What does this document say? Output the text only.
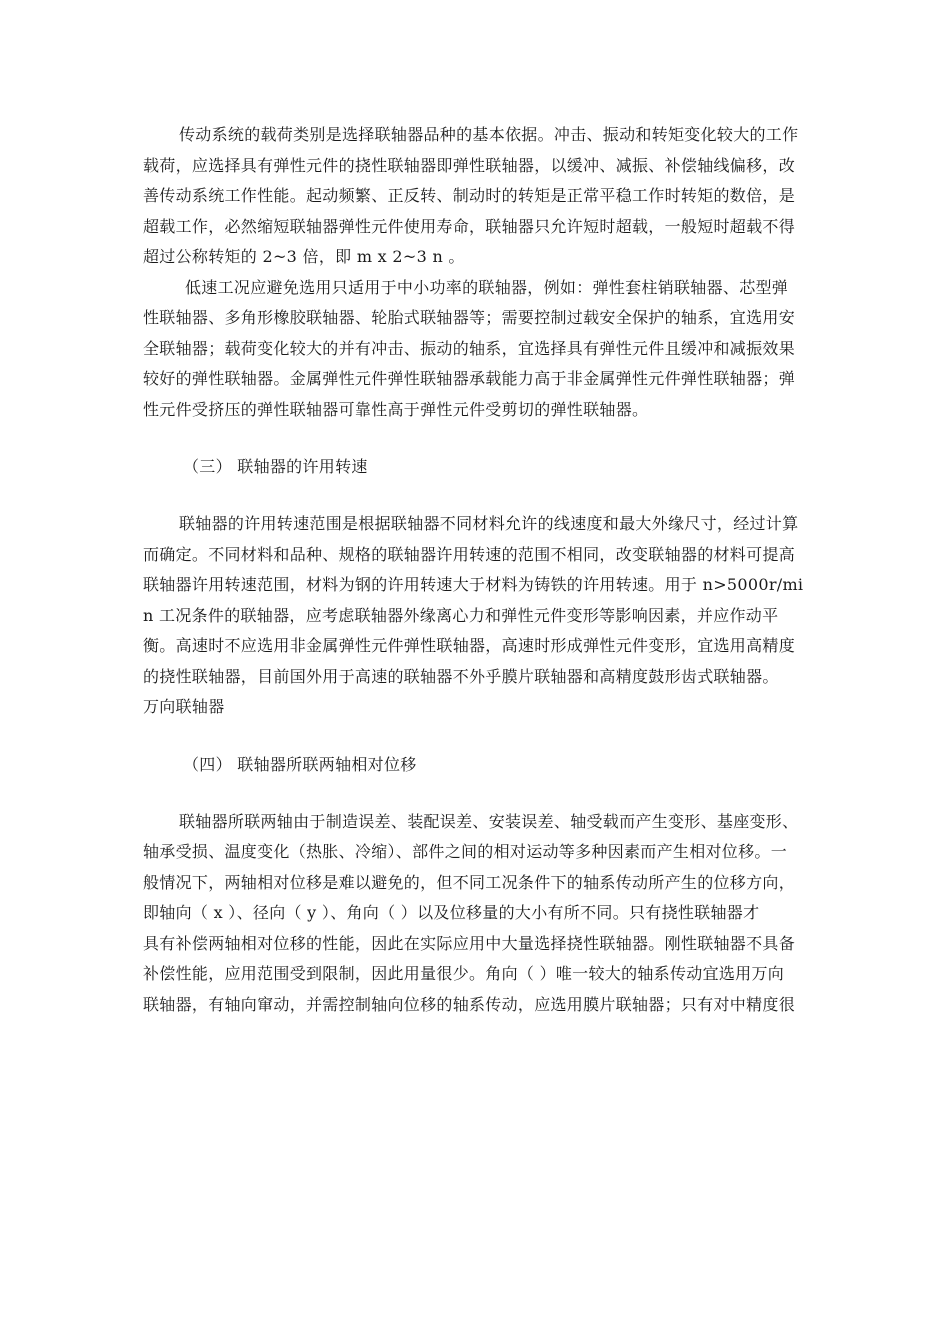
传动系统的载荷类别是选择联轴器品种的基本依据。冲击、振动和转矩变化较大的工作
载荷，应选择具有弹性元件的挠性联轴器即弹性联轴器，以缓冲、减振、补偿轴线偏移，改
善传动系统工作性能。起动频繁、正反转、制动时的转矩是正常平稳工作时转矩的数倍，是
超载工作，必然缩短联轴器弹性元件使用寿命，联轴器只允许短时超载，一般短时超载不得
超过公称转矩的 2~3 倍，即 m x 2~3 n 。
低速工况应避免选用只适用于中小功率的联轴器，例如：弹性套柱销联轴器、芯型弹
性联轴器、多角形橡胶联轴器、轮胎式联轴器等；需要控制过载安全保护的轴系，宜选用安
全联轴器；载荷变化较大的并有冲击、振动的轴系，宜选择具有弹性元件且缓冲和减振效果
较好的弹性联轴器。金属弹性元件弹性联轴器承载能力高于非金属弹性元件弹性联轴器；弹
性元件受挤压的弹性联轴器可靠性高于弹性元件受剪切的弹性联轴器。
（三） 联轴器的许用转速
联轴器的许用转速范围是根据联轴器不同材料允许的线速度和最大外缘尺寸，经过计算
而确定。不同材料和品种、规格的联轴器许用转速的范围不相同，改变联轴器的材料可提高
联轴器许用转速范围，材料为钢的许用转速大于材料为铸铁的许用转速。用于 n>5000r/mi
n 工况条件的联轴器，应考虑联轴器外缘离心力和弹性元件变形等影响因素，并应作动平
衡。高速时不应选用非金属弹性元件弹性联轴器，高速时形成弹性元件变形，宜选用高精度
的挠性联轴器，目前国外用于高速的联轴器不外乎膜片联轴器和高精度鼓形齿式联轴器。
万向联轴器
（四） 联轴器所联两轴相对位移
联轴器所联两轴由于制造误差、装配误差、安装误差、轴受载而产生变形、基座变形、
轴承受损、温度变化（热胀、冷缩）、部件之间的相对运动等多种因素而产生相对位移。一
般情况下，两轴相对位移是难以避免的，但不同工况条件下的轴系传动所产生的位移方向，
即轴向（ x ）、径向（ y ）、角向（ ）以及位移量的大小有所不同。只有挠性联轴器才
具有补偿两轴相对位移的性能，因此在实际应用中大量选择挠性联轴器。刚性联轴器不具备
补偿性能，应用范围受到限制，因此用量很少。角向（ ）唯一较大的轴系传动宜选用万向
联轴器，有轴向窜动，并需控制轴向位移的轴系传动，应选用膜片联轴器；只有对中精度很
